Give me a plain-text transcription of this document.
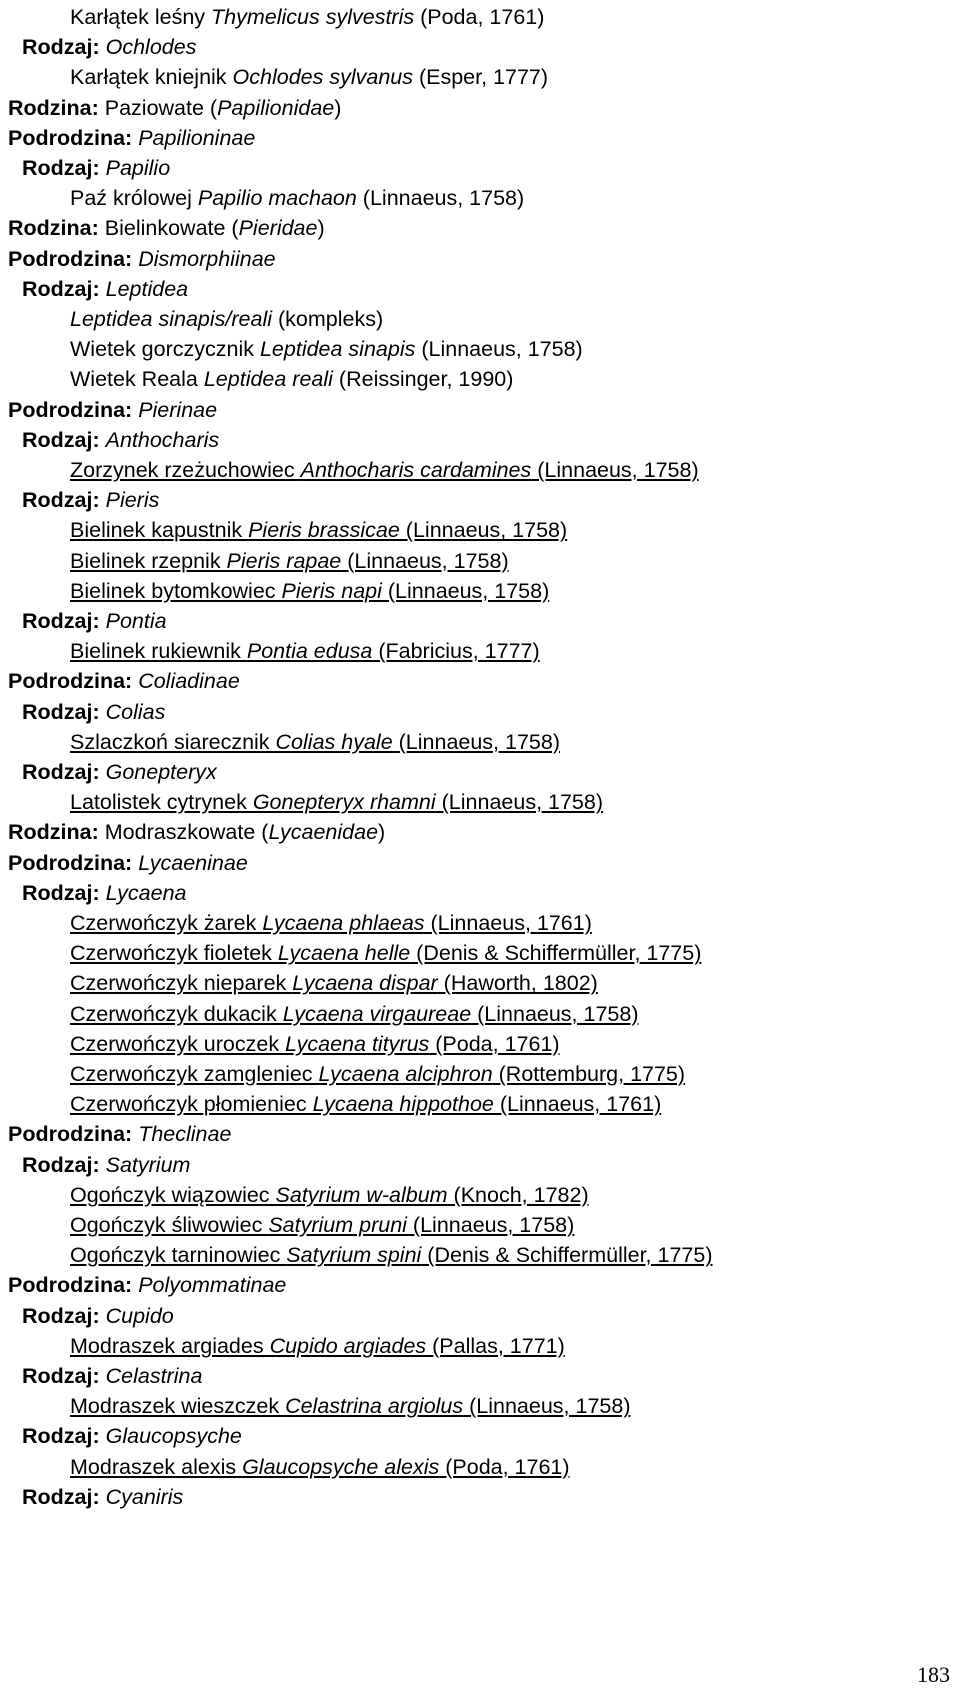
Karłątek leśny Thymelicus sylvestris (Poda, 1761)
Rodzaj: Ochlodes
Karłątek kniejnik Ochlodes sylvanus (Esper, 1777)
Rodzina: Paziowate (Papilionidae)
Podrodzina: Papilioninae
Rodzaj: Papilio
Paź królowej Papilio machaon (Linnaeus, 1758)
Rodzina: Bielinkowate (Pieridae)
Podrodzina: Dismorphiinae
Rodzaj: Leptidea
Leptidea sinapis/reali (kompleks)
Wietek gorczycznik Leptidea sinapis (Linnaeus, 1758)
Wietek Reala Leptidea reali (Reissinger, 1990)
Podrodzina: Pierinae
Rodzaj: Anthocharis
Zorzynek rzeżuchowiec Anthocharis cardamines (Linnaeus, 1758)
Rodzaj: Pieris
Bielinek kapustnik Pieris brassicae (Linnaeus, 1758)
Bielinek rzepnik Pieris rapae (Linnaeus, 1758)
Bielinek bytomkowiec Pieris napi (Linnaeus, 1758)
Rodzaj: Pontia
Bielinek rukiewnik Pontia edusa (Fabricius, 1777)
Podrodzina: Coliadinae
Rodzaj: Colias
Szlaczkoń siarecznik Colias hyale (Linnaeus, 1758)
Rodzaj: Gonepteryx
Latolistek cytrynek Gonepteryx rhamni (Linnaeus, 1758)
Rodzina: Modraszkowate (Lycaenidae)
Podrodzina: Lycaeninae
Rodzaj: Lycaena
Czerwończyk żarek Lycaena phlaeas (Linnaeus, 1761)
Czerwończyk fioletek Lycaena helle (Denis & Schiffermüller, 1775)
Czerwończyk nieparek Lycaena dispar (Haworth, 1802)
Czerwończyk dukacik Lycaena virgaureae (Linnaeus, 1758)
Czerwończyk uroczek Lycaena tityrus (Poda, 1761)
Czerwończyk zamgleniec Lycaena alciphron (Rottemburg, 1775)
Czerwończyk płomieniec Lycaena hippothoe (Linnaeus, 1761)
Podrodzina: Theclinae
Rodzaj: Satyrium
Ogończyk wiązowiec Satyrium w-album (Knoch, 1782)
Ogończyk śliwowiec Satyrium pruni (Linnaeus, 1758)
Ogończyk tarninowiec Satyrium spini (Denis & Schiffermüller, 1775)
Podrodzina: Polyommatinae
Rodzaj: Cupido
Modraszek argiades Cupido argiades (Pallas, 1771)
Rodzaj: Celastrina
Modraszek wieszczek Celastrina argiolus (Linnaeus, 1758)
Rodzaj: Glaucopsyche
Modraszek alexis Glaucopsyche alexis (Poda, 1761)
Rodzaj: Cyaniris
183
